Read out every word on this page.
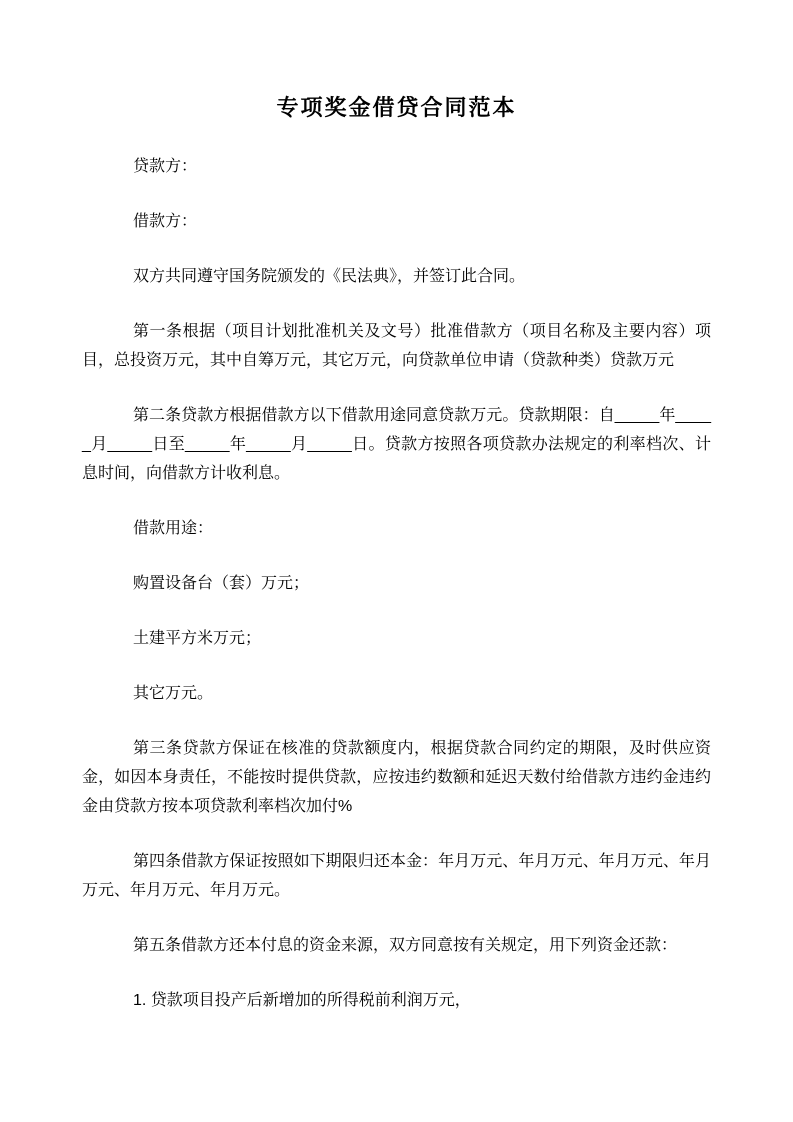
专项奖金借贷合同范本

贷款方：

借款方：

双方共同遵守国务院颁发的《民法典》，并签订此合同。

第一条根据（项目计划批准机关及文号）批准借款方（项目名称及主要内容）项目，总投资万元，其中自筹万元，其它万元，向贷款单位申请（贷款种类）贷款万元

第二条贷款方根据借款方以下借款用途同意贷款万元。贷款期限：自_____年_____月_____日至_____年_____月_____日。贷款方按照各项贷款办法规定的利率档次、计息时间，向借款方计收利息。

借款用途：

购置设备台（套）万元；

土建平方米万元；

其它万元。

第三条贷款方保证在核准的贷款额度内，根据贷款合同约定的期限，及时供应资金，如因本身责任，不能按时提供贷款，应按违约数额和延迟天数付给借款方违约金违约金由贷款方按本项贷款利率档次加付%

第四条借款方保证按照如下期限归还本金：年月万元、年月万元、年月万元、年月万元、年月万元、年月万元。

第五条借款方还本付息的资金来源，双方同意按有关规定，用下列资金还款：

1. 贷款项目投产后新增加的所得税前利润万元，
